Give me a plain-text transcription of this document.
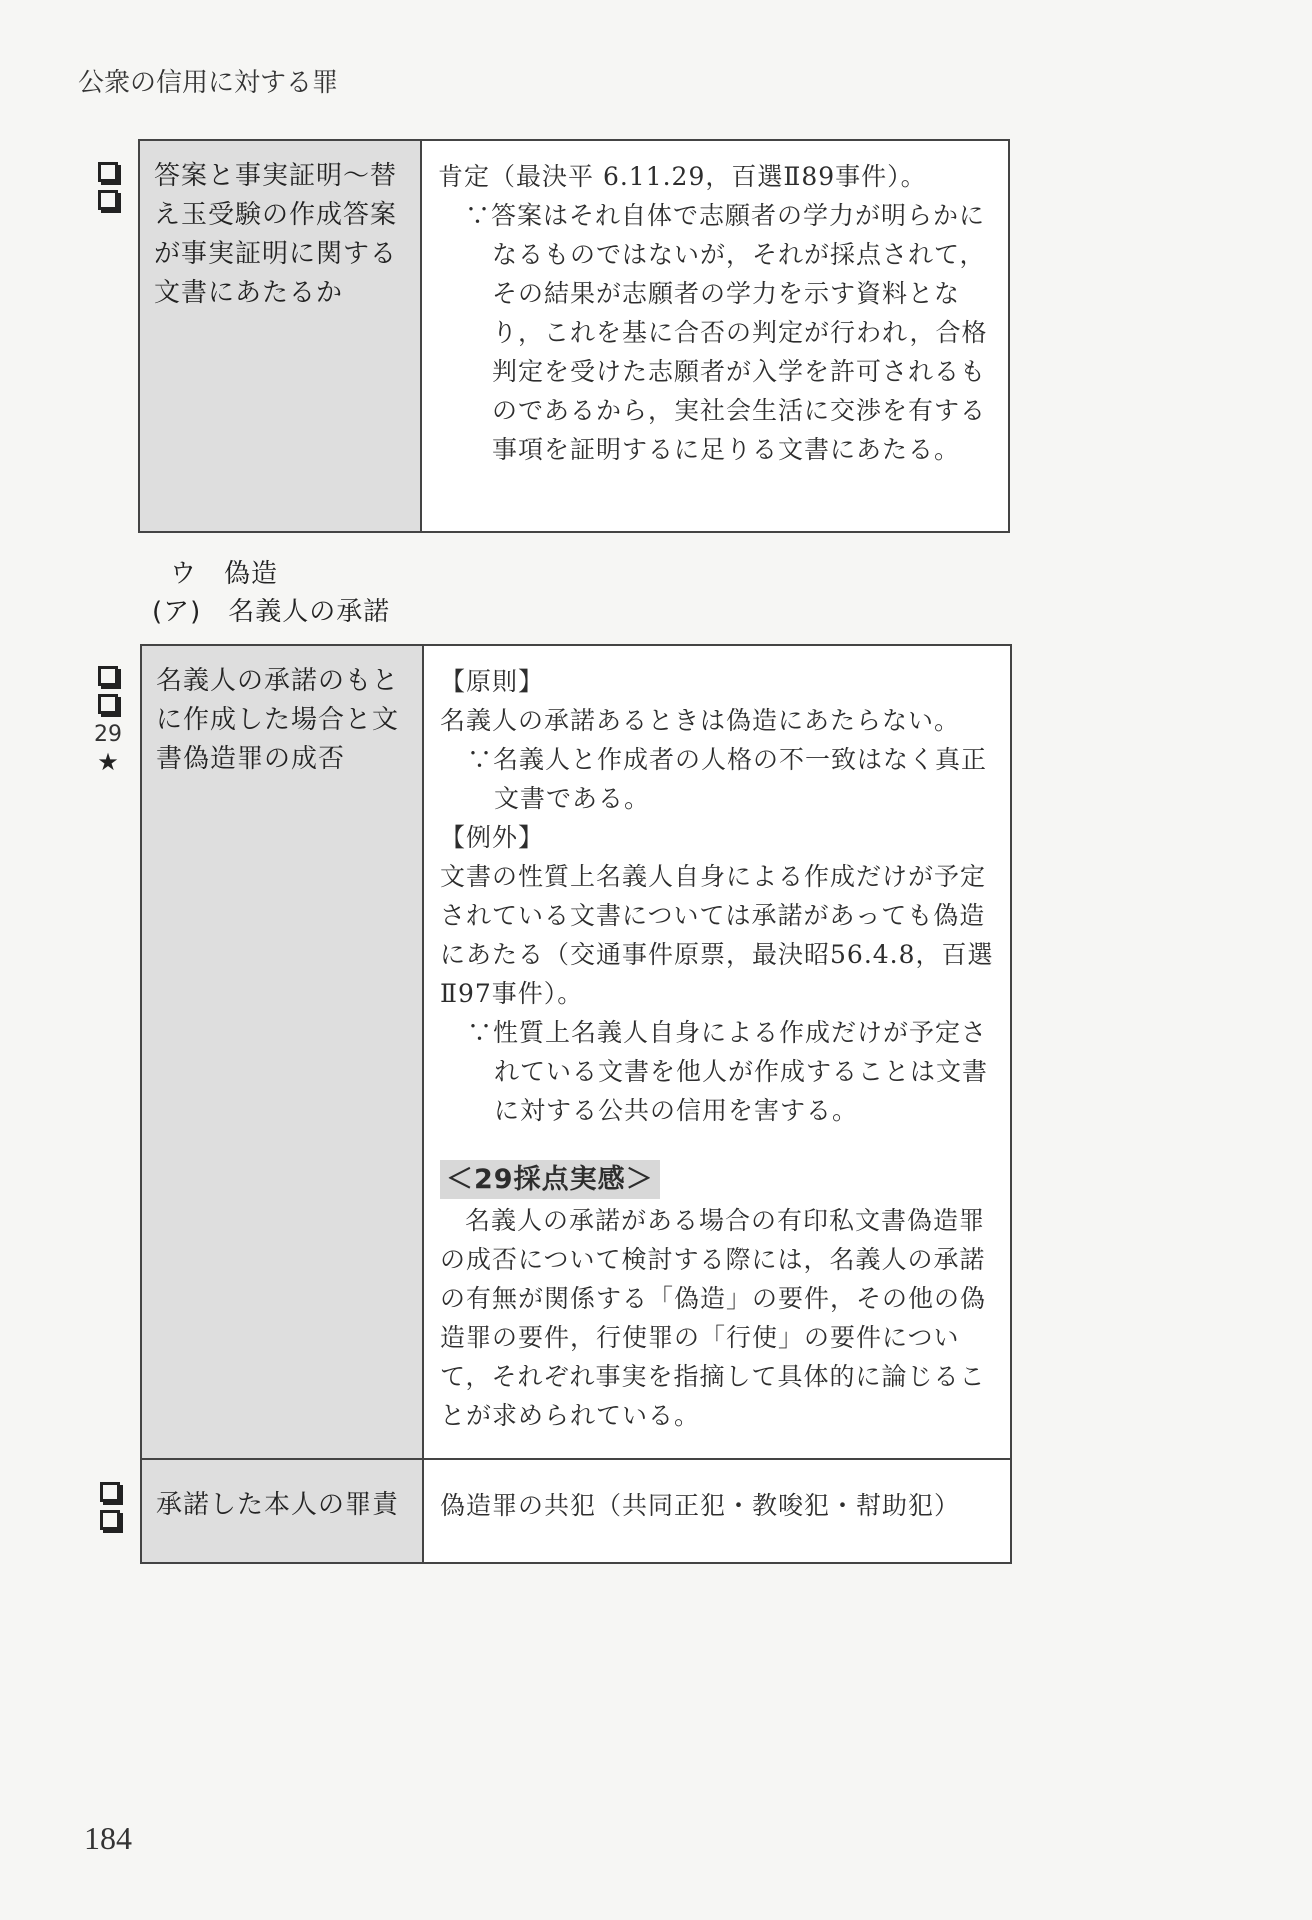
公衆の信用に対する罪
答案と事実証明～替え玉受験の作成答案が事実証明に関する文書にあたるか

肯定（最決平 6.11.29，百選Ⅱ89事件）。

∵答案はそれ自体で志願者の学力が明らかになるものではないが，それが採点されて，その結果が志願者の学力を示す資料となり，これを基に合否の判定が行われ，合格判定を受けた志願者が入学を許可されるものであるから，実社会生活に交渉を有する事項を証明するに足りる文書にあたる。

ウ　偽造
(ア)　名義人の承諾
29
★
名義人の承諾のもとに作成した場合と文書偽造罪の成否

【原則】

名義人の承諾あるときは偽造にあたらない。

∵名義人と作成者の人格の不一致はなく真正文書である。

【例外】

文書の性質上名義人自身による作成だけが予定されている文書については承諾があっても偽造にあたる（交通事件原票，最決昭56.4.8，百選Ⅱ97事件）。

∵性質上名義人自身による作成だけが予定されている文書を他人が作成することは文書に対する公共の信用を害する。

＜29採点実感＞

名義人の承諾がある場合の有印私文書偽造罪の成否について検討する際には，名義人の承諾の有無が関係する「偽造」の要件，その他の偽造罪の要件，行使罪の「行使」の要件について，それぞれ事実を指摘して具体的に論じることが求められている。

承諾した本人の罪責	偽造罪の共犯（共同正犯・教唆犯・幇助犯）
184
